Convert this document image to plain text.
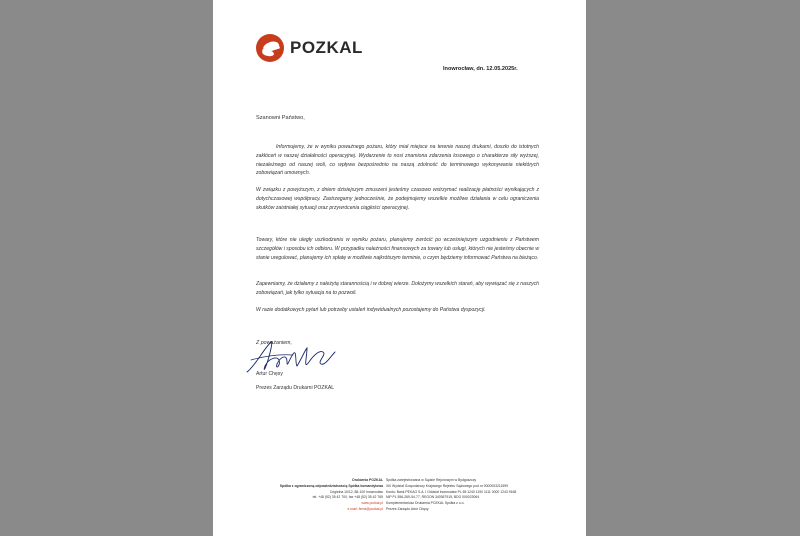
POZKAL
Inowrocław, dn. 12.05.2025r.
Szanowni Państwo,

Informujemy, że w wyniku poważnego pożaru, który miał miejsce na terenie naszej drukarni, doszło do istotnych zakłóceń w naszej działalności operacyjnej. Wydarzenie to nosi znamiona zdarzenia losowego o charakterze siły wyższej, niezależnego od naszej woli, co wpływa bezpośrednio na naszą zdolność do terminowego wykonywania niektórych zobowiązań umownych.

W związku z powyższym, z dniem dzisiejszym zmuszeni jesteśmy czasowo wstrzymać realizację płatności wynikających z dotychczasowej współpracy. Zastrzegamy jednocześnie, że podejmujemy wszelkie możliwe działania w celu ograniczenia skutków zaistniałej sytuacji oraz przywrócenia ciągłości operacyjnej.

Towary, które nie uległy uszkodzeniu w wyniku pożaru, planujemy zwrócić po wcześniejszym uzgodnieniu z Państwem szczegółów i sposobu ich odbioru. W przypadku należności finansowych za towary lub usługi, których nie jesteśmy obecnie w stanie uregulować, planujemy ich spłatę w możliwie najkrótszym terminie, o czym będziemy informować Państwa na bieżąco.

Zapewniamy, że działamy z należytą starannością i w dobrej wierze. Dołożymy wszelkich starań, aby wywiązać się z naszych zobowiązań, jak tylko sytuacja na to pozwoli.

W razie dodatkowych pytań lub potrzeby ustaleń indywidualnych pozostajemy do Państwa dyspozycji.

Z poważaniem,
Artur Chęsy
Prezes Zarządu Drukarni POZKAL
Drukarnia POZKAL
Spółka z ograniczoną odpowiedzialnością Spółka komandytowa
Cegielna 10/12, 88-100 Inowrocław
tel. +48 (52) 35 42 700, fax +48 (52) 35 42 765
www.pozkal.pl
e-mail: firma@pozkal.pl
Spółka zarejestrowana w Sądzie Rejonowym w Bydgoszczy
XIII Wydział Gospodarczy Krajowego Rejestru Sądowego pod nr 0000003211599
Konto: Bank PEKAO S.A. I Oddział Inowrocław PL 65 1240 1190 1111 0000 1243 9168
NIP PL 556-269-54-77, REGON 340367915, BDO 000023064
Komplementariusz Drukarnia POZKAL Spółka z o.o.
Prezes Zarządu Artur Chęsy
